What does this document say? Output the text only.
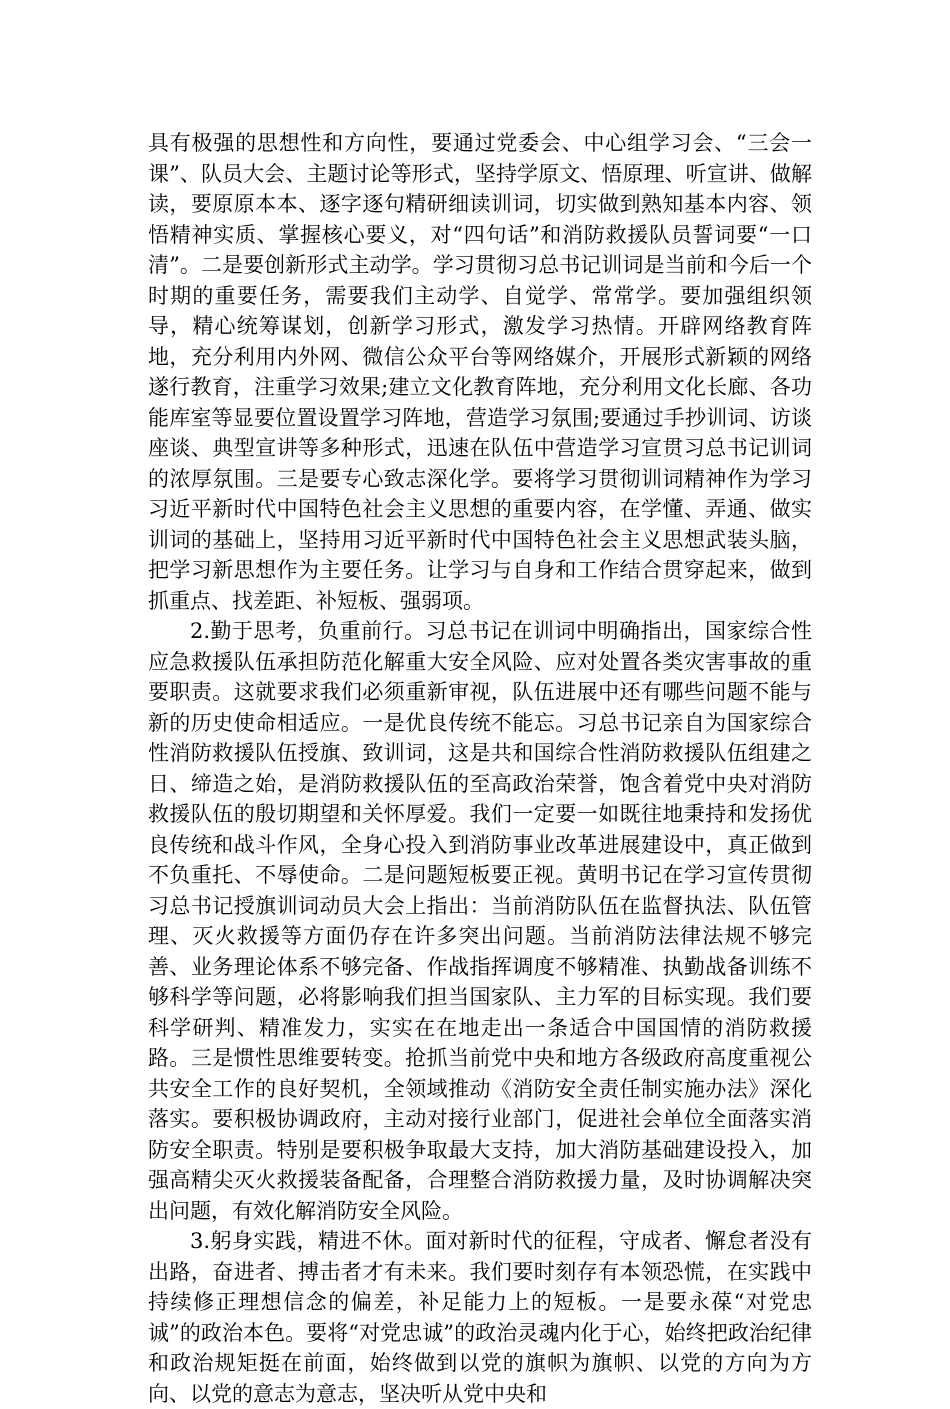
具有极强的思想性和方向性，要通过党委会、中心组学习会、“三会一课”、队员大会、主题讨论等形式，坚持学原文、悟原理、听宣讲、做解读，要原原本本、逐字逐句精研细读训词，切实做到熟知基本内容、领悟精神实质、掌握核心要义，对“四句话”和消防救援队员誓词要“一口清”。二是要创新形式主动学。学习贯彻习总书记训词是当前和今后一个时期的重要任务，需要我们主动学、自觉学、常常学。要加强组织领导，精心统筹谋划，创新学习形式，激发学习热情。开辟网络教育阵地，充分利用内外网、微信公众平台等网络媒介，开展形式新颖的网络遂行教育，注重学习效果;建立文化教育阵地，充分利用文化长廊、各功能库室等显要位置设置学习阵地，营造学习氛围;要通过手抄训词、访谈座谈、典型宣讲等多种形式，迅速在队伍中营造学习宣贯习总书记训词的浓厚氛围。三是要专心致志深化学。要将学习贯彻训词精神作为学习习近平新时代中国特色社会主义思想的重要内容，在学懂、弄通、做实训词的基础上，坚持用习近平新时代中国特色社会主义思想武装头脑，把学习新思想作为主要任务。让学习与自身和工作结合贯穿起来，做到抓重点、找差距、补短板、强弱项。

2.勤于思考，负重前行。习总书记在训词中明确指出，国家综合性应急救援队伍承担防范化解重大安全风险、应对处置各类灾害事故的重要职责。这就要求我们必须重新审视，队伍进展中还有哪些问题不能与新的历史使命相适应。一是优良传统不能忘。习总书记亲自为国家综合性消防救援队伍授旗、致训词，这是共和国综合性消防救援队伍组建之日、缔造之始，是消防救援队伍的至高政治荣誉，饱含着党中央对消防救援队伍的殷切期望和关怀厚爱。我们一定要一如既往地秉持和发扬优良传统和战斗作风，全身心投入到消防事业改革进展建设中，真正做到不负重托、不辱使命。二是问题短板要正视。黄明书记在学习宣传贯彻习总书记授旗训词动员大会上指出：当前消防队伍在监督执法、队伍管理、灭火救援等方面仍存在许多突出问题。当前消防法律法规不够完善、业务理论体系不够完备、作战指挥调度不够精准、执勤战备训练不够科学等问题，必将影响我们担当国家队、主力军的目标实现。我们要科学研判、精准发力，实实在在地走出一条适合中国国情的消防救援路。三是惯性思维要转变。抢抓当前党中央和地方各级政府高度重视公共安全工作的良好契机，全领域推动《消防安全责任制实施办法》深化落实。要积极协调政府，主动对接行业部门，促进社会单位全面落实消防安全职责。特别是要积极争取最大支持，加大消防基础建设投入，加强高精尖灭火救援装备配备，合理整合消防救援力量，及时协调解决突出问题，有效化解消防安全风险。

3.躬身实践，精进不休。面对新时代的征程，守成者、懈怠者没有出路，奋进者、搏击者才有未来。我们要时刻存有本领恐慌，在实践中持续修正理想信念的偏差，补足能力上的短板。一是要永葆“对党忠诚”的政治本色。要将“对党忠诚”的政治灵魂内化于心，始终把政治纪律和政治规矩挺在前面，始终做到以党的旗帜为旗帜、以党的方向为方向、以党的意志为意志，坚决听从党中央和
